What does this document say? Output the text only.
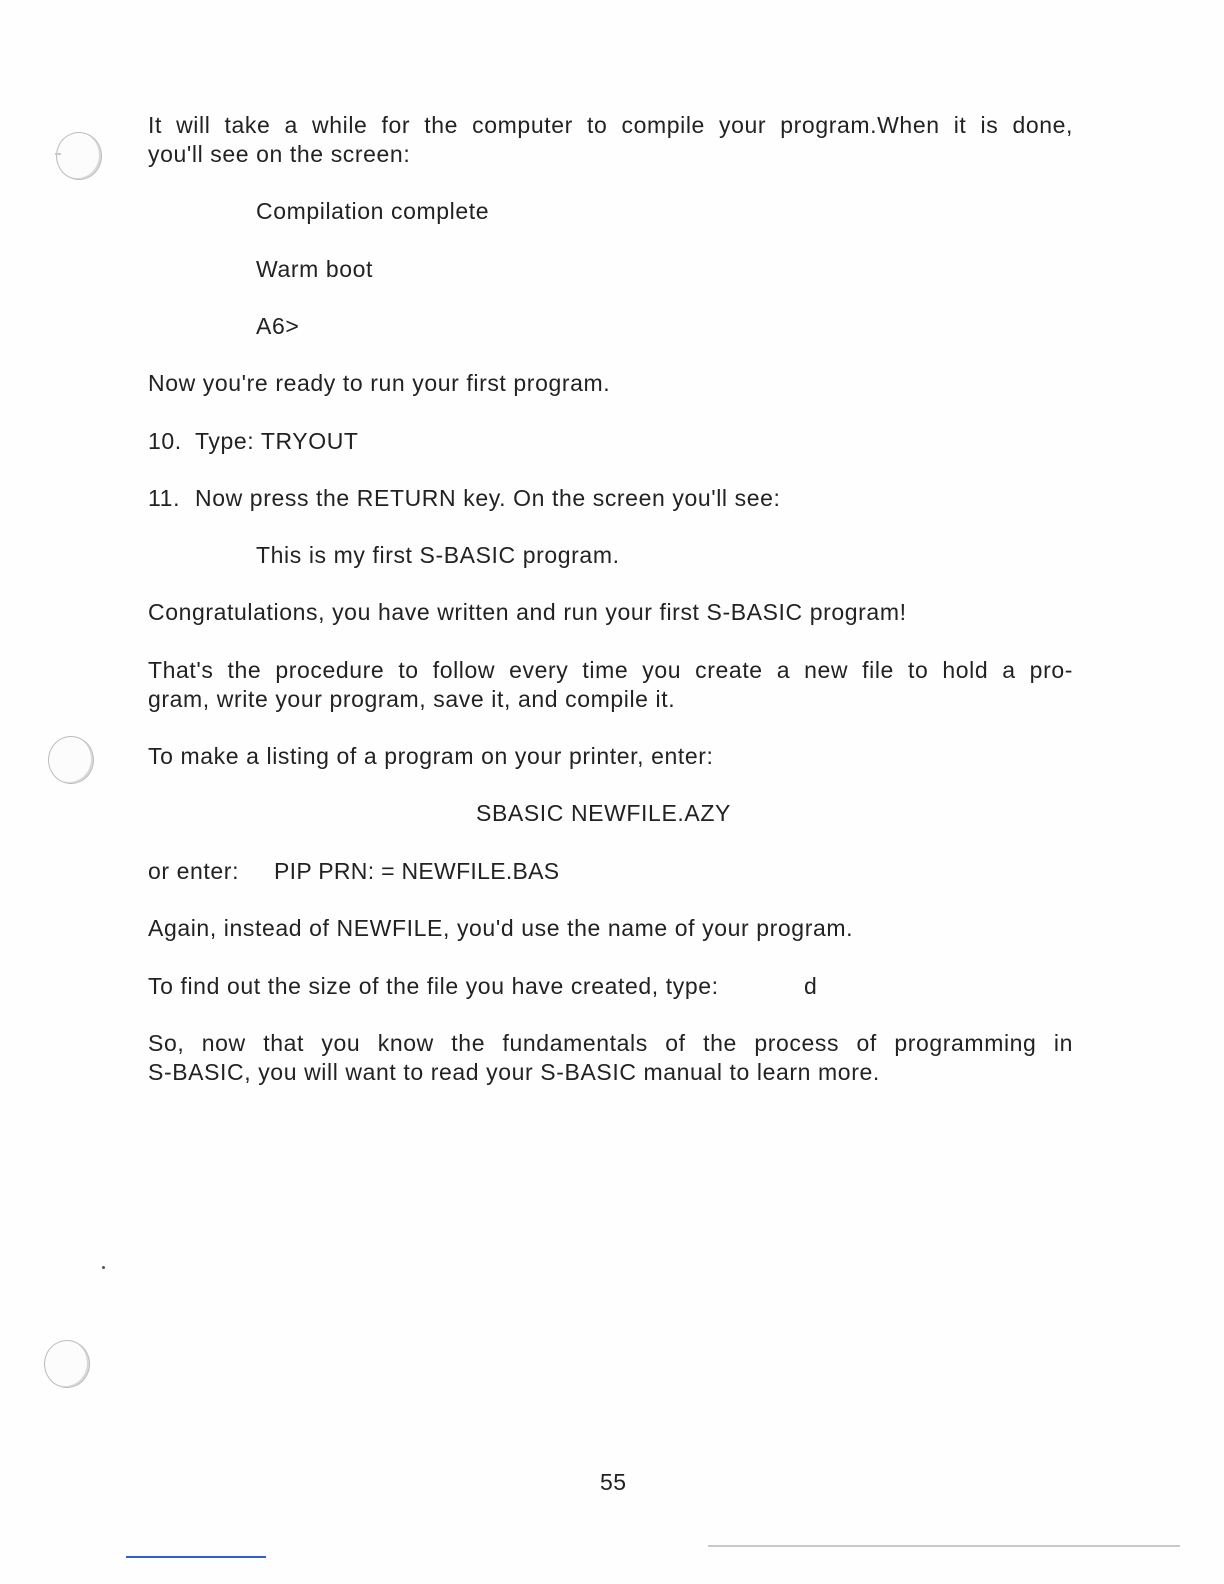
It will take a while for the computer to compile your program.When it is done,
you'll see on the screen:
Compilation complete
Warm boot
A6>
Now you're ready to run your first program.
10. Type: TRYOUT
11. Now press the RETURN key. On the screen you'll see:
This is my first S-BASIC program.
Congratulations, you have written and run your first S-BASIC program!
That's the procedure to follow every time you create a new file to hold a pro-
gram, write your program, save it, and compile it.
To make a listing of a program on your printer, enter:
SBASIC NEWFILE.AZY
or enter: PIP PRN: = NEWFILE.BAS
Again, instead of NEWFILE, you'd use the name of your program.
To find out the size of the file you have created, type:	d
So, now that you know the fundamentals of the process of programming in
S-BASIC, you will want to read your S-BASIC manual to learn more.
55
